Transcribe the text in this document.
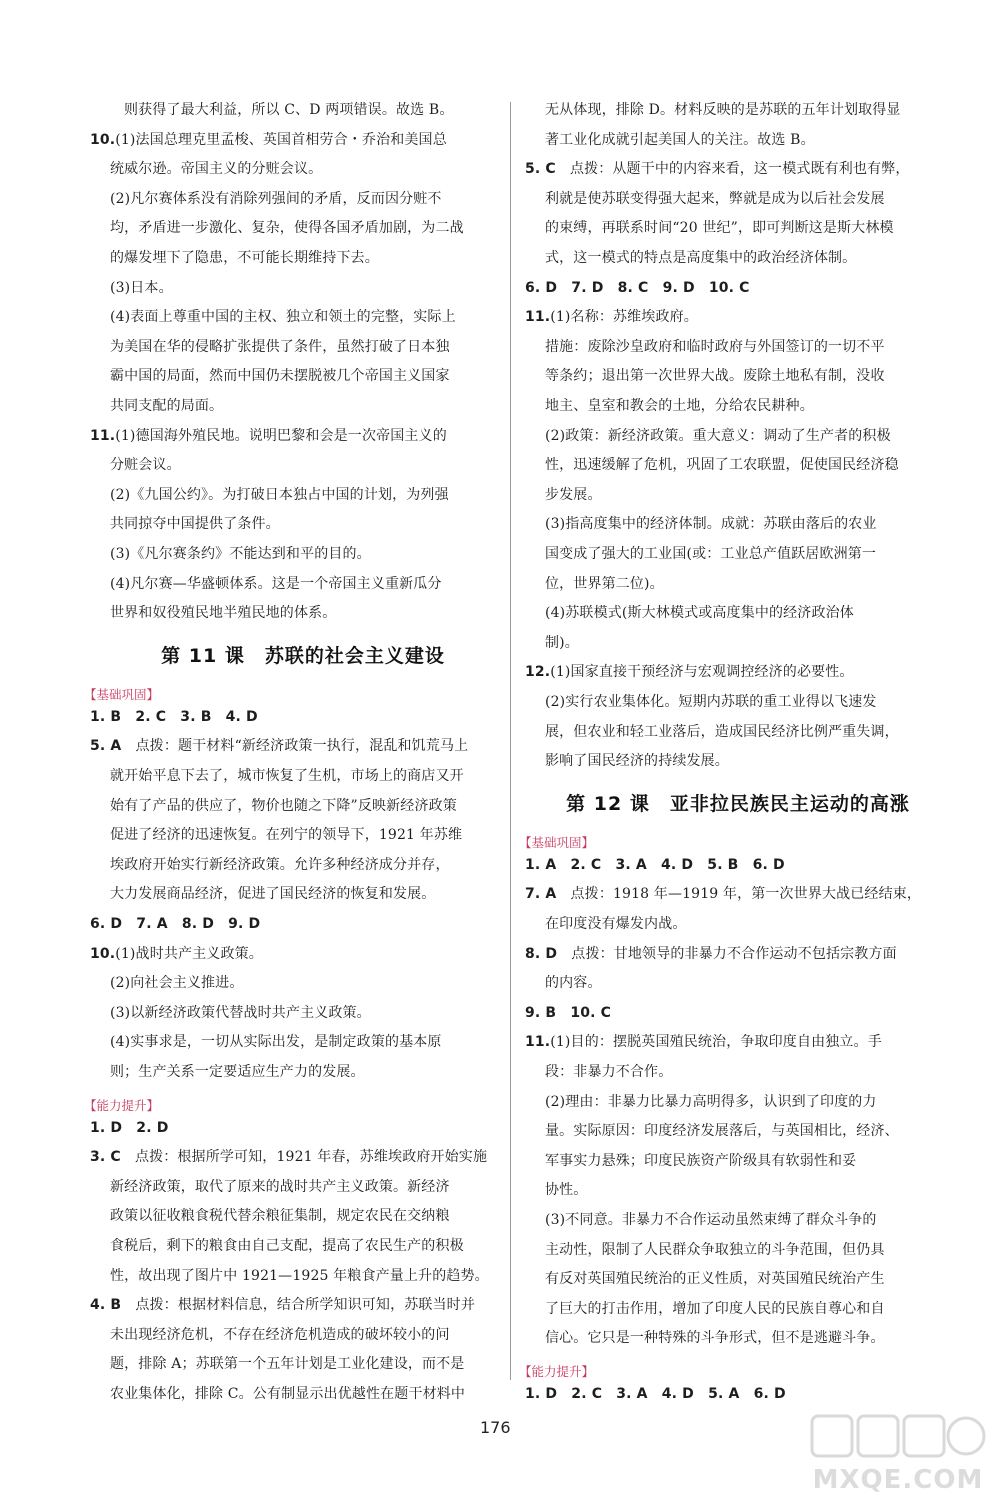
则获得了最大利益，所以 C、D 两项错误。故选 B。
10.(1)法国总理克里孟梭、英国首相劳合・乔治和美国总
统威尔逊。帝国主义的分赃会议。
(2)凡尔赛体系没有消除列强间的矛盾，反而因分赃不
均，矛盾进一步激化、复杂，使得各国矛盾加剧，为二战
的爆发埋下了隐患，不可能长期维持下去。
(3)日本。
(4)表面上尊重中国的主权、独立和领土的完整，实际上
为美国在华的侵略扩张提供了条件，虽然打破了日本独
霸中国的局面，然而中国仍未摆脱被几个帝国主义国家
共同支配的局面。
11.(1)德国海外殖民地。说明巴黎和会是一次帝国主义的
分赃会议。
(2)《九国公约》。为打破日本独占中国的计划，为列强
共同掠夺中国提供了条件。
(3)《凡尔赛条约》不能达到和平的目的。
(4)凡尔赛—华盛顿体系。这是一个帝国主义重新瓜分
世界和奴役殖民地半殖民地的体系。
第 11 课　苏联的社会主义建设
【基础巩固】
1. B　2. C　3. B　4. D
5. A　点拨：题干材料“新经济政策一执行，混乱和饥荒马上
就开始平息下去了，城市恢复了生机，市场上的商店又开
始有了产品的供应了，物价也随之下降”反映新经济政策
促进了经济的迅速恢复。在列宁的领导下，1921 年苏维
埃政府开始实行新经济政策。允许多种经济成分并存，
大力发展商品经济，促进了国民经济的恢复和发展。
6. D　7. A　8. D　9. D
10.(1)战时共产主义政策。
(2)向社会主义推进。
(3)以新经济政策代替战时共产主义政策。
(4)实事求是，一切从实际出发，是制定政策的基本原
则；生产关系一定要适应生产力的发展。
【能力提升】
1. D　2. D
3. C　点拨：根据所学可知，1921 年春，苏维埃政府开始实施
新经济政策，取代了原来的战时共产主义政策。新经济
政策以征收粮食税代替余粮征集制，规定农民在交纳粮
食税后，剩下的粮食由自己支配，提高了农民生产的积极
性，故出现了图片中 1921—1925 年粮食产量上升的趋势。
4. B　点拨：根据材料信息，结合所学知识可知，苏联当时并
未出现经济危机，不存在经济危机造成的破坏较小的问
题，排除 A；苏联第一个五年计划是工业化建设，而不是
农业集体化，排除 C。公有制显示出优越性在题干材料中
无从体现，排除 D。材料反映的是苏联的五年计划取得显
著工业化成就引起美国人的关注。故选 B。
5. C　点拨：从题干中的内容来看，这一模式既有利也有弊，
利就是使苏联变得强大起来，弊就是成为以后社会发展
的束缚，再联系时间“20 世纪”，即可判断这是斯大林模
式，这一模式的特点是高度集中的政治经济体制。
6. D　7. D　8. C　9. D　10. C
11.(1)名称：苏维埃政府。
措施：废除沙皇政府和临时政府与外国签订的一切不平
等条约；退出第一次世界大战。废除土地私有制，没收
地主、皇室和教会的土地，分给农民耕种。
(2)政策：新经济政策。重大意义：调动了生产者的积极
性，迅速缓解了危机，巩固了工农联盟，促使国民经济稳
步发展。
(3)指高度集中的经济体制。成就：苏联由落后的农业
国变成了强大的工业国(或：工业总产值跃居欧洲第一
位，世界第二位)。
(4)苏联模式(斯大林模式或高度集中的经济政治体
制)。
12.(1)国家直接干预经济与宏观调控经济的必要性。
(2)实行农业集体化。短期内苏联的重工业得以飞速发
展，但农业和轻工业落后，造成国民经济比例严重失调，
影响了国民经济的持续发展。
第 12 课　亚非拉民族民主运动的高涨
【基础巩固】
1. A　2. C　3. A　4. D　5. B　6. D
7. A　点拨：1918 年—1919 年，第一次世界大战已经结束，
在印度没有爆发内战。
8. D　点拨：甘地领导的非暴力不合作运动不包括宗教方面
的内容。
9. B　10. C
11.(1)目的：摆脱英国殖民统治，争取印度自由独立。手
段：非暴力不合作。
(2)理由：非暴力比暴力高明得多，认识到了印度的力
量。实际原因：印度经济发展落后，与英国相比，经济、
军事实力悬殊；印度民族资产阶级具有软弱性和妥
协性。
(3)不同意。非暴力不合作运动虽然束缚了群众斗争的
主动性，限制了人民群众争取独立的斗争范围，但仍具
有反对英国殖民统治的正义性质，对英国殖民统治产生
了巨大的打击作用，增加了印度人民的民族自尊心和自
信心。它只是一种特殊的斗争形式，但不是逃避斗争。
【能力提升】
1. D　2. C　3. A　4. D　5. A　6. D
176
MXQE.COM
